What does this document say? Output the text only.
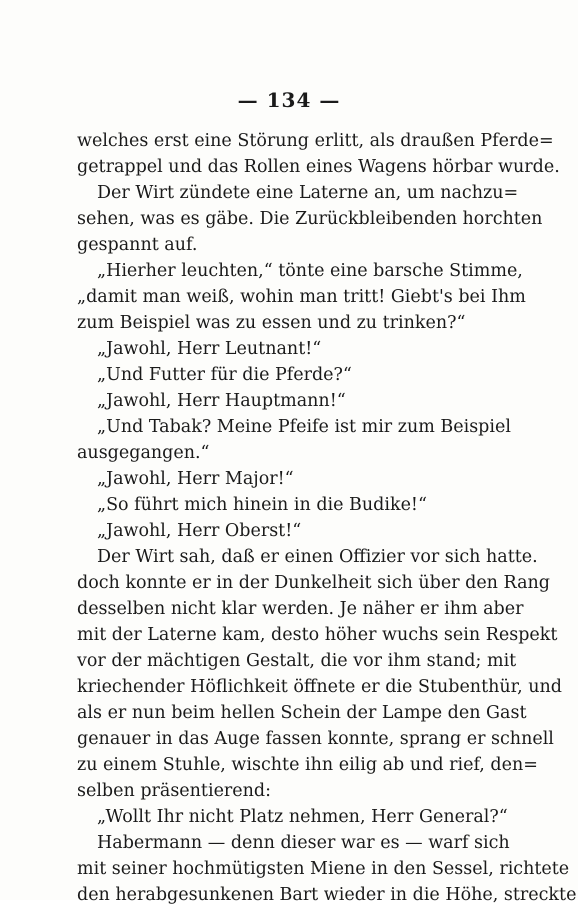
— 134 —
welches erst eine Störung erlitt, als draußen Pferde=
getrappel und das Rollen eines Wagens hörbar wurde.
Der Wirt zündete eine Laterne an, um nachzu=
sehen, was es gäbe. Die Zurückbleibenden horchten
gespannt auf.
„Hierher leuchten,“ tönte eine barsche Stimme,
„damit man weiß, wohin man tritt! Giebt's bei Ihm
zum Beispiel was zu essen und zu trinken?“
„Jawohl, Herr Leutnant!“
„Und Futter für die Pferde?“
„Jawohl, Herr Hauptmann!“
„Und Tabak? Meine Pfeife ist mir zum Beispiel
ausgegangen.“
„Jawohl, Herr Major!“
„So führt mich hinein in die Budike!“
„Jawohl, Herr Oberst!“
Der Wirt sah, daß er einen Offizier vor sich hatte.
doch konnte er in der Dunkelheit sich über den Rang
desselben nicht klar werden. Je näher er ihm aber
mit der Laterne kam, desto höher wuchs sein Respekt
vor der mächtigen Gestalt, die vor ihm stand; mit
kriechender Höflichkeit öffnete er die Stubenthür, und
als er nun beim hellen Schein der Lampe den Gast
genauer in das Auge fassen konnte, sprang er schnell
zu einem Stuhle, wischte ihn eilig ab und rief, den=
selben präsentierend:
„Wollt Ihr nicht Platz nehmen, Herr General?“
Habermann — denn dieser war es — warf sich
mit seiner hochmütigsten Miene in den Sessel, richtete
den herabgesunkenen Bart wieder in die Höhe, streckte
